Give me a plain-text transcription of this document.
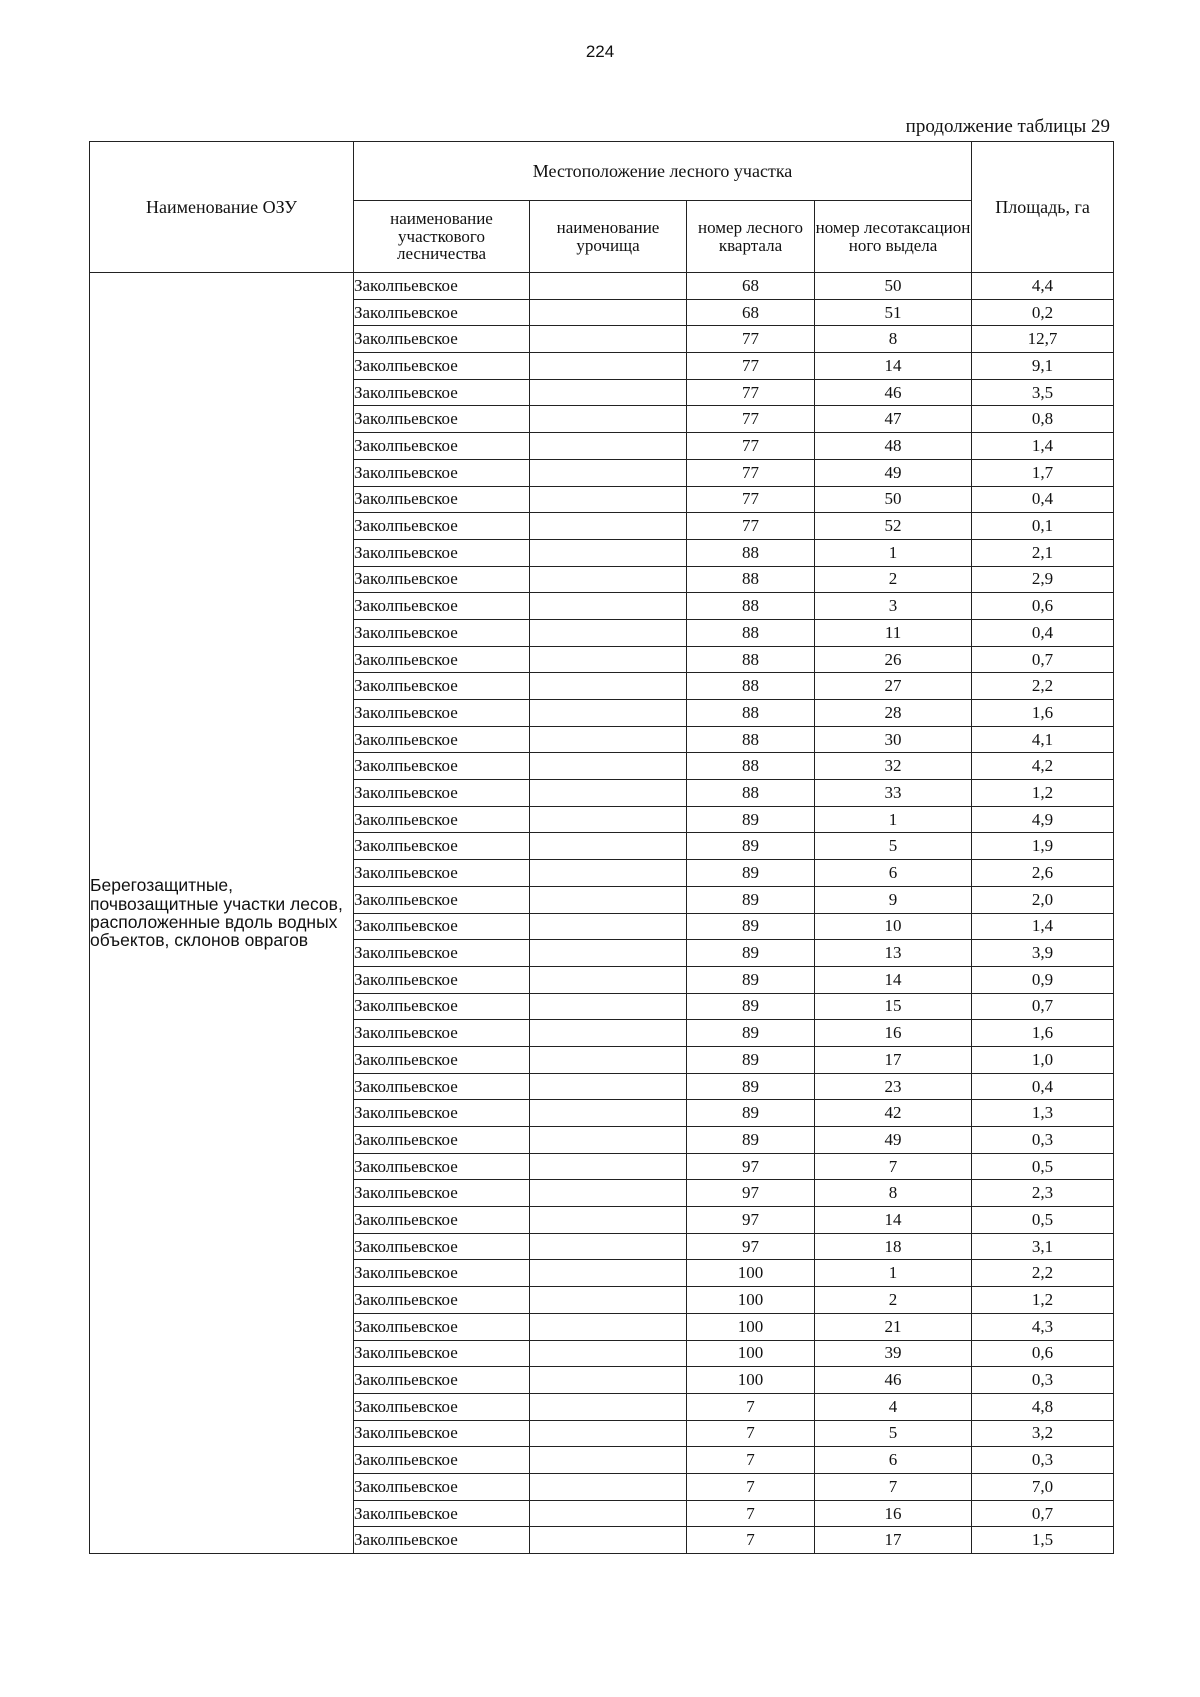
224
продолжение таблицы 29
Наименование ОЗУ	Местоположение лесного участка				Площадь, га
	наименование участкового лесничества	наименование урочища	номер лесного квартала	номер лесотаксацион ного выдела	
Берегозащитные, почвозащитные участки лесов, расположенные вдоль водных объектов, склонов оврагов	Заколпьевское		68	50	4,4
	Заколпьевское		68	51	0,2
	Заколпьевское		77	8	12,7
	Заколпьевское		77	14	9,1
	Заколпьевское		77	46	3,5
	Заколпьевское		77	47	0,8
	Заколпьевское		77	48	1,4
	Заколпьевское		77	49	1,7
	Заколпьевское		77	50	0,4
	Заколпьевское		77	52	0,1
	Заколпьевское		88	1	2,1
	Заколпьевское		88	2	2,9
	Заколпьевское		88	3	0,6
	Заколпьевское		88	11	0,4
	Заколпьевское		88	26	0,7
	Заколпьевское		88	27	2,2
	Заколпьевское		88	28	1,6
	Заколпьевское		88	30	4,1
	Заколпьевское		88	32	4,2
	Заколпьевское		88	33	1,2
	Заколпьевское		89	1	4,9
	Заколпьевское		89	5	1,9
	Заколпьевское		89	6	2,6
	Заколпьевское		89	9	2,0
	Заколпьевское		89	10	1,4
	Заколпьевское		89	13	3,9
	Заколпьевское		89	14	0,9
	Заколпьевское		89	15	0,7
	Заколпьевское		89	16	1,6
	Заколпьевское		89	17	1,0
	Заколпьевское		89	23	0,4
	Заколпьевское		89	42	1,3
	Заколпьевское		89	49	0,3
	Заколпьевское		97	7	0,5
	Заколпьевское		97	8	2,3
	Заколпьевское		97	14	0,5
	Заколпьевское		97	18	3,1
	Заколпьевское		100	1	2,2
	Заколпьевское		100	2	1,2
	Заколпьевское		100	21	4,3
	Заколпьевское		100	39	0,6
	Заколпьевское		100	46	0,3
	Заколпьевское		7	4	4,8
	Заколпьевское		7	5	3,2
	Заколпьевское		7	6	0,3
	Заколпьевское		7	7	7,0
	Заколпьевское		7	16	0,7
	Заколпьевское		7	17	1,5
